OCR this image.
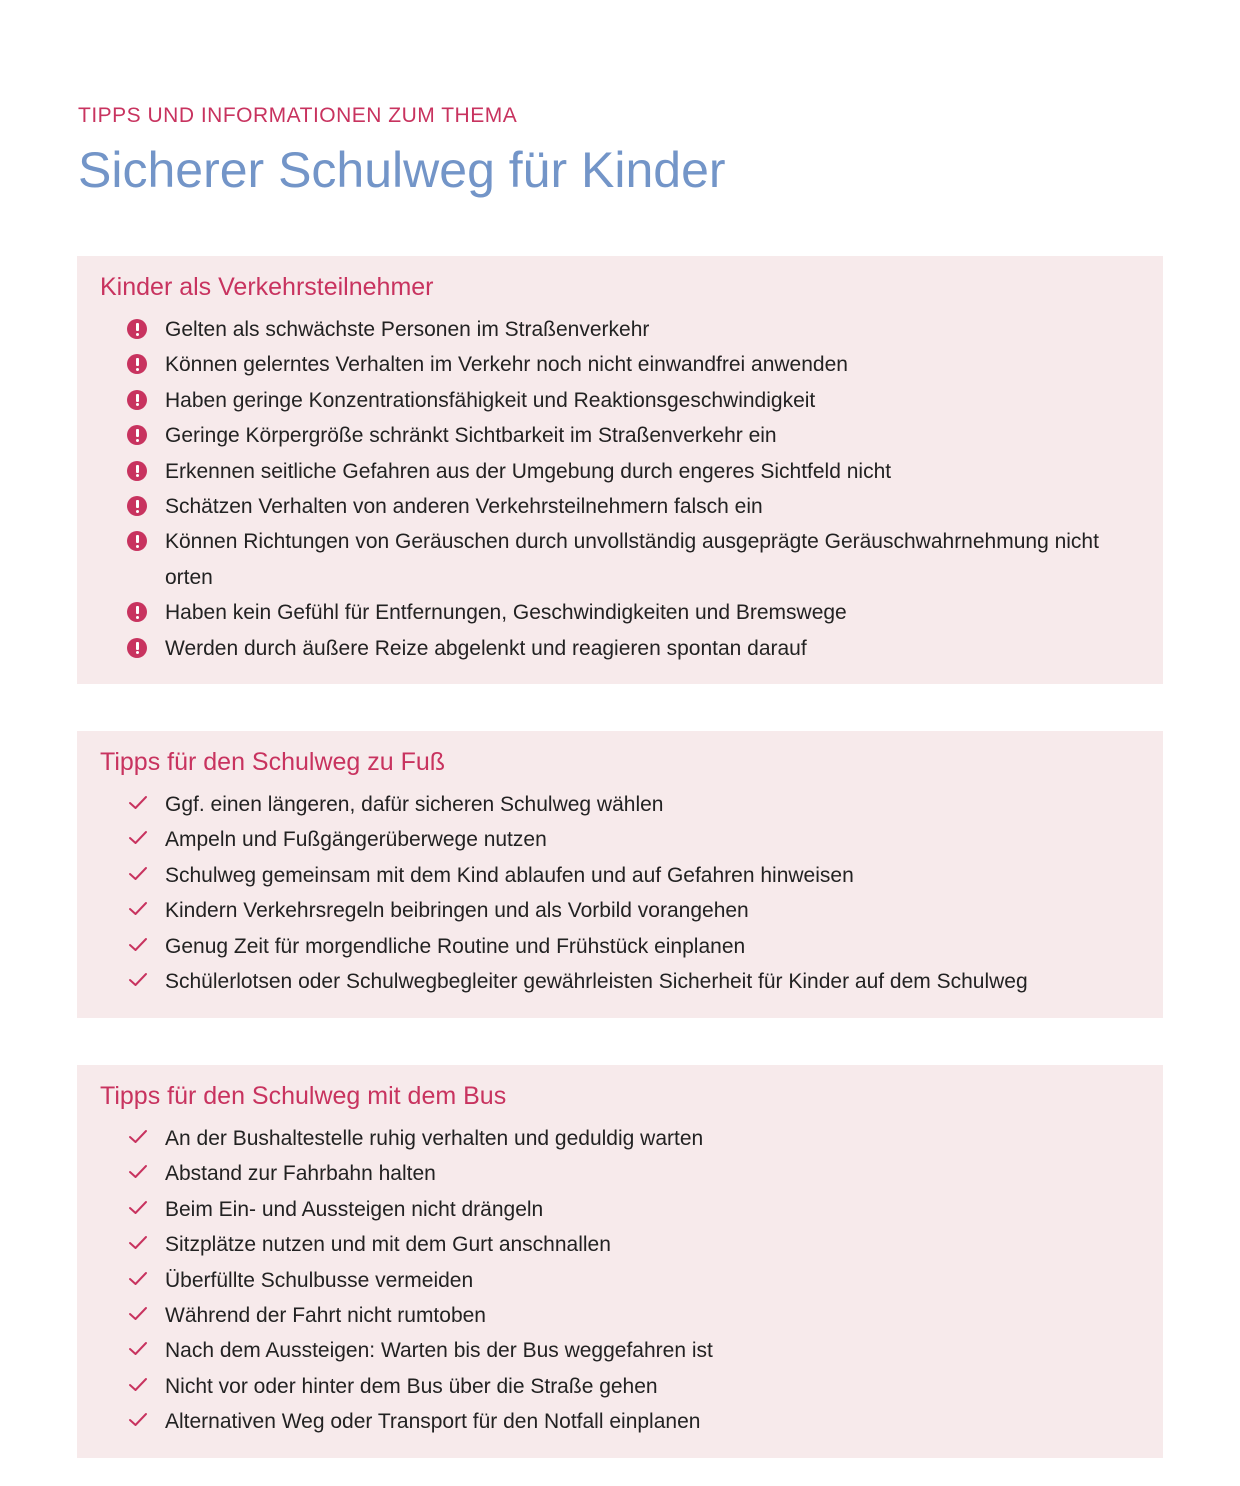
TIPPS UND INFORMATIONEN ZUM THEMA
Sicherer Schulweg für Kinder
Kinder als Verkehrsteilnehmer
Gelten als schwächste Personen im Straßenverkehr
Können gelerntes Verhalten im Verkehr noch nicht einwandfrei anwenden
Haben geringe Konzentrationsfähigkeit und Reaktionsgeschwindigkeit
Geringe Körpergröße schränkt Sichtbarkeit im Straßenverkehr ein
Erkennen seitliche Gefahren aus der Umgebung durch engeres Sichtfeld nicht
Schätzen Verhalten von anderen Verkehrsteilnehmern falsch ein
Können Richtungen von Geräuschen durch unvollständig ausgeprägte Geräuschwahrnehmung nicht orten
Haben kein Gefühl für Entfernungen, Geschwindigkeiten und Bremswege
Werden durch äußere Reize abgelenkt und reagieren spontan darauf
Tipps für den Schulweg zu Fuß
Ggf. einen längeren, dafür sicheren Schulweg wählen
Ampeln und Fußgängerüberwege nutzen
Schulweg gemeinsam mit dem Kind ablaufen und auf Gefahren hinweisen
Kindern Verkehrsregeln beibringen und als Vorbild vorangehen
Genug Zeit für morgendliche Routine und Frühstück einplanen
Schülerlotsen oder Schulwegbegleiter gewährleisten Sicherheit für Kinder auf dem Schulweg
Tipps für den Schulweg mit dem Bus
An der Bushaltestelle ruhig verhalten und geduldig warten
Abstand zur Fahrbahn halten
Beim Ein- und Aussteigen nicht drängeln
Sitzplätze nutzen und mit dem Gurt anschnallen
Überfüllte Schulbusse vermeiden
Während der Fahrt nicht rumtoben
Nach dem Aussteigen: Warten bis der Bus weggefahren ist
Nicht vor oder hinter dem Bus über die Straße gehen
Alternativen Weg oder Transport für den Notfall einplanen
